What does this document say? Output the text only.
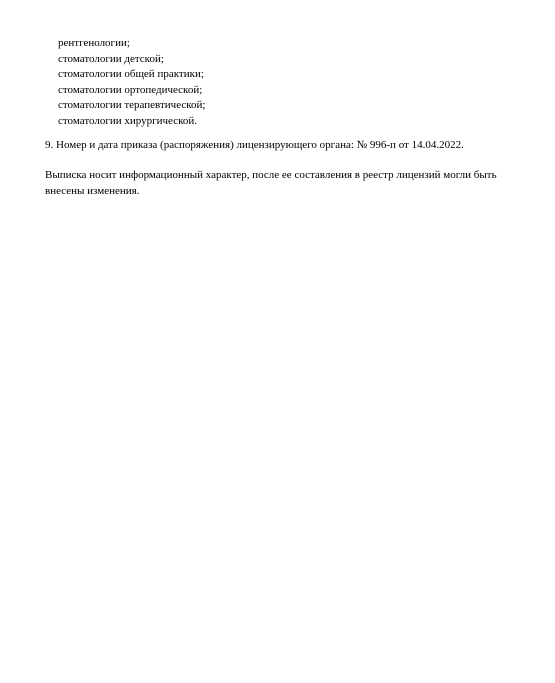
рентгенологии;
стоматологии детской;
стоматологии общей практики;
стоматологии ортопедической;
стоматологии терапевтической;
стоматологии хирургической.

9. Номер и дата приказа (распоряжения) лицензирующего органа: № 996-п от 14.04.2022.

Выписка носит информационный характер, после ее составления в реестр лицензий могли быть
внесены изменения.
